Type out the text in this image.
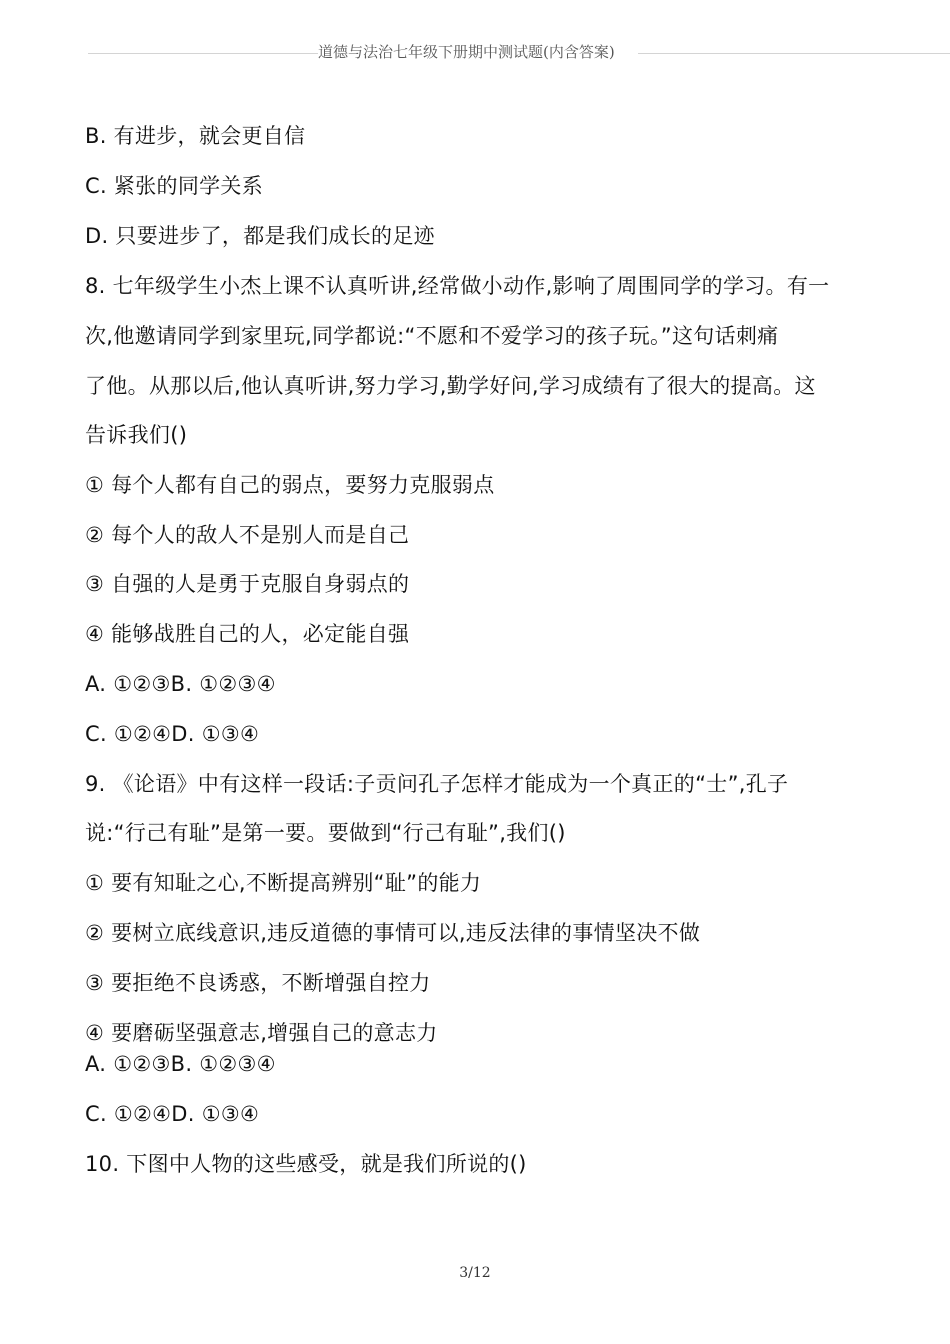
道德与法治七年级下册期中测试题(内含答案)
B. 有进步，就会更自信
C. 紧张的同学关系
D. 只要进步了，都是我们成长的足迹
8. 七年级学生小杰上课不认真听讲,经常做小动作,影响了周围同学的学习。有一
次,他邀请同学到家里玩,同学都说:“不愿和不爱学习的孩子玩。”这句话刺痛
了他。从那以后,他认真听讲,努力学习,勤学好问,学习成绩有了很大的提高。这
告诉我们()
① 每个人都有自己的弱点，要努力克服弱点
② 每个人的敌人不是别人而是自己
③ 自强的人是勇于克服自身弱点的
④ 能够战胜自己的人，必定能自强
A. ①②③B. ①②③④
C. ①②④D. ①③④
9. 《论语》中有这样一段话:子贡问孔子怎样才能成为一个真正的“士”,孔子
说:“行己有耻”是第一要。要做到“行己有耻”,我们()
① 要有知耻之心,不断提高辨别“耻”的能力
② 要树立底线意识,违反道德的事情可以,违反法律的事情坚决不做
③ 要拒绝不良诱惑，不断增强自控力
④ 要磨砺坚强意志,增强自己的意志力
A. ①②③B. ①②③④
C. ①②④D. ①③④
10. 下图中人物的这些感受，就是我们所说的()
3/12
